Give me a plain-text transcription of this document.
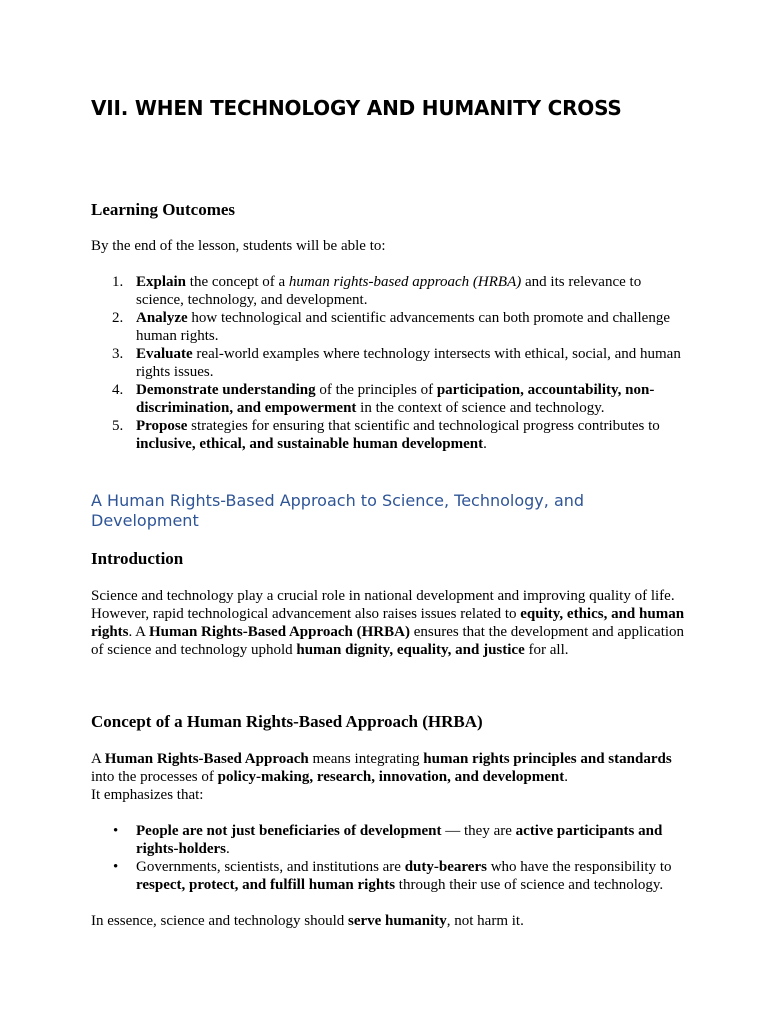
VII. WHEN TECHNOLOGY AND HUMANITY CROSS
Learning Outcomes

By the end of the lesson, students will be able to:

1. Explain the concept of a human rights-based approach (HRBA) and its relevance to science, technology, and development.
2. Analyze how technological and scientific advancements can both promote and challenge human rights.
3. Evaluate real-world examples where technology intersects with ethical, social, and human rights issues.
4. Demonstrate understanding of the principles of participation, accountability, non-discrimination, and empowerment in the context of science and technology.
5. Propose strategies for ensuring that scientific and technological progress contributes to inclusive, ethical, and sustainable human development.
A Human Rights-Based Approach to Science, Technology, and Development
Introduction

Science and technology play a crucial role in national development and improving quality of life. However, rapid technological advancement also raises issues related to equity, ethics, and human rights. A Human Rights-Based Approach (HRBA) ensures that the development and application of science and technology uphold human dignity, equality, and justice for all.

Concept of a Human Rights-Based Approach (HRBA)

A Human Rights-Based Approach means integrating human rights principles and standards into the processes of policy-making, research, innovation, and development.
It emphasizes that:

• People are not just beneficiaries of development — they are active participants and rights-holders.
• Governments, scientists, and institutions are duty-bearers who have the responsibility to respect, protect, and fulfill human rights through their use of science and technology.

In essence, science and technology should serve humanity, not harm it.
